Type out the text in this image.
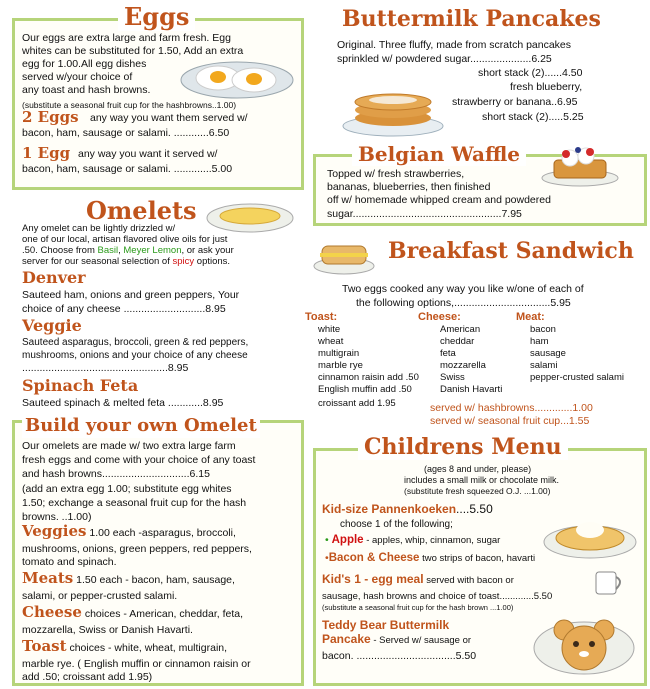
Eggs
Our eggs are extra large and farm fresh. Egg
whites can be substituted for 1.50, Add an extra
egg for 1.00.All egg dishes
served w/your choice of
any toast and hash browns.
(substitute a seasonal fruit cup for the hashbrowns..1.00)
2 Eggs any way you want them served w/
bacon, ham, sausage or salami. ............6.50
1 Egg any way you want it served w/
bacon, ham, sausage or salami. .............5.00
Omelets
Any omelet can be lightly drizzled w/
one of our local, artisan flavored olive oils for just
.50. Choose from Basil, Meyer Lemon, or ask your
server for our seasonal selection of spicy options.
Denver
Sauteed ham, onions and green peppers, Your
choice of any cheese ............................8.95
Veggie
Sauteed asparagus, broccoli, green & red peppers,
mushrooms, onions and your choice of any cheese
..................................................8.95
Spinach Feta
Sauteed spinach & melted feta ............8.95
Build your own Omelet
Our omelets are made w/ two extra large farm
fresh eggs and come with your choice of any toast
and hash browns..............................6.15
(add an extra egg 1.00; substitute egg whites
1.50; exchange a seasonal fruit cup for the hash
browns. ..1.00)
Veggies 1.00 each -asparagus, broccoli,
mushrooms, onions, green peppers, red peppers,
tomato and spinach.
Meats 1.50 each - bacon, ham, sausage,
salami, or pepper-crusted salami.
Cheese choices - American, cheddar, feta,
mozzarella, Swiss or Danish Havarti.
Toast choices - white, wheat, multigrain,
marble rye. ( English muffin or cinnamon raisin or
add .50; croissant add 1.95)
Buttermilk Pancakes
Original. Three fluffy, made from scratch pancakes
sprinkled w/ powdered sugar.....................6.25
short stack (2)......4.50
fresh blueberry,
strawberry or banana..6.95
short stack (2).....5.25
Belgian Waffle
Topped w/ fresh strawberries,
bananas, blueberries, then finished
off w/ homemade whipped cream and powdered
sugar...................................................7.95
Breakfast Sandwich
Two eggs cooked any way you like w/one of each of
the following options,.................................5.95
Toast:
white
wheat
multigrain
marble rye
cinnamon raisin add .50
English muffin add .50
croissant add 1.95
Cheese:
American
cheddar
feta
mozzarella
Swiss
Danish Havarti
Meat:
bacon
ham
sausage
salami
pepper-crusted salami
served w/ hashbrowns.............1.00
served w/ seasonal fruit cup...1.55
Childrens Menu
(ages 8 and under, please)
includes a small milk or chocolate milk.
(substitute fresh squeezed O.J. ...1.00)
Kid-size Pannenkoeken....5.50
choose 1 of the following;
• Apple - apples, whip, cinnamon, sugar
•Bacon & Cheese two strips of bacon, havarti
Kid's 1 - egg meal served with bacon or
sausage, hash browns and choice of toast.............5.50
(substitute a seasonal fruit cup for the hash brown ...1.00)
Teddy Bear Buttermilk
Pancake - Served w/ sausage or
bacon. ..................................5.50
